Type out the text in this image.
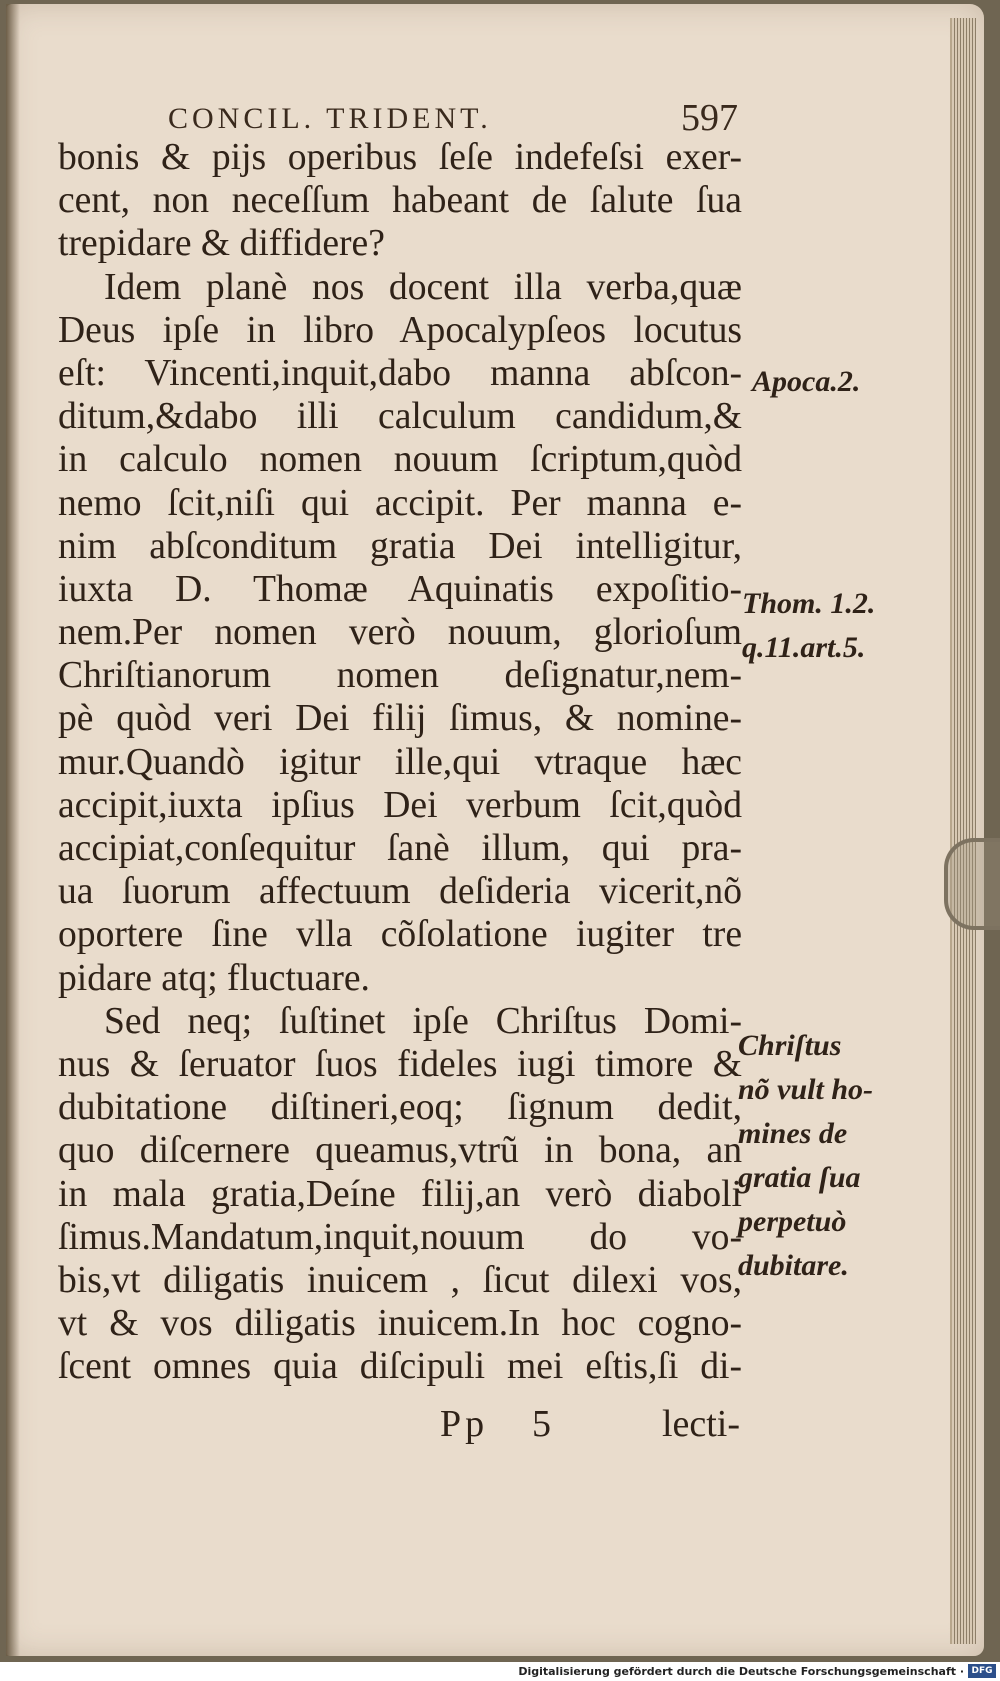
CONCIL. TRIDENT.	597
bonis & pijs operibus ſeſe indefeſsi exer-
cent, non neceſſum habeant de ſalute ſua
trepidare & diffidere?
Idem planè nos docent illa verba,quæ
Deus ipſe in libro Apocalypſeos locutus
eſt: Vincenti,inquit,dabo manna abſcon-
ditum,&dabo illi calculum candidum,&
in calculo nomen nouum ſcriptum,quòd
nemo ſcit,niſi qui accipit. Per manna e-
nim abſconditum gratia Dei intelligitur,
iuxta D. Thomæ Aquinatis expoſitio-
nem.Per nomen verò nouum, glorioſum
Chriſtianorum nomen deſignatur,nem-
pè quòd veri Dei filij ſimus, & nomine-
mur.Quandò igitur ille,qui vtraque hæc
accipit,iuxta ipſius Dei verbum ſcit,quòd
accipiat,conſequitur ſanè illum, qui pra-
ua ſuorum affectuum deſideria vicerit,nõ
oportere ſine vlla cõſolatione iugiter tre
pidare atq; fluctuare.
Sed neq; ſuſtinet ipſe Chriſtus Domi-
nus & ſeruator ſuos fideles iugi timore &
dubitatione diſtineri,eoq; ſignum dedit,
quo diſcernere queamus,vtrũ in bona, an
in mala gratia,Deíne filij,an verò diaboli
ſimus.Mandatum,inquit,nouum do vo-
bis,vt diligatis inuicem , ſicut dilexi vos,
vt & vos diligatis inuicem.In hoc cogno-
ſcent omnes quia diſcipuli mei eſtis,ſi di-
Apoca.2.
Thom. 1.2.
q.11.art.5.
Chriſtus
nõ vult ho-
mines de
gratia ſua
perpetuò
dubitare.
Pp 5	lecti-
Digitalisierung gefördert durch die Deutsche Forschungsgemeinschaft · DFG
